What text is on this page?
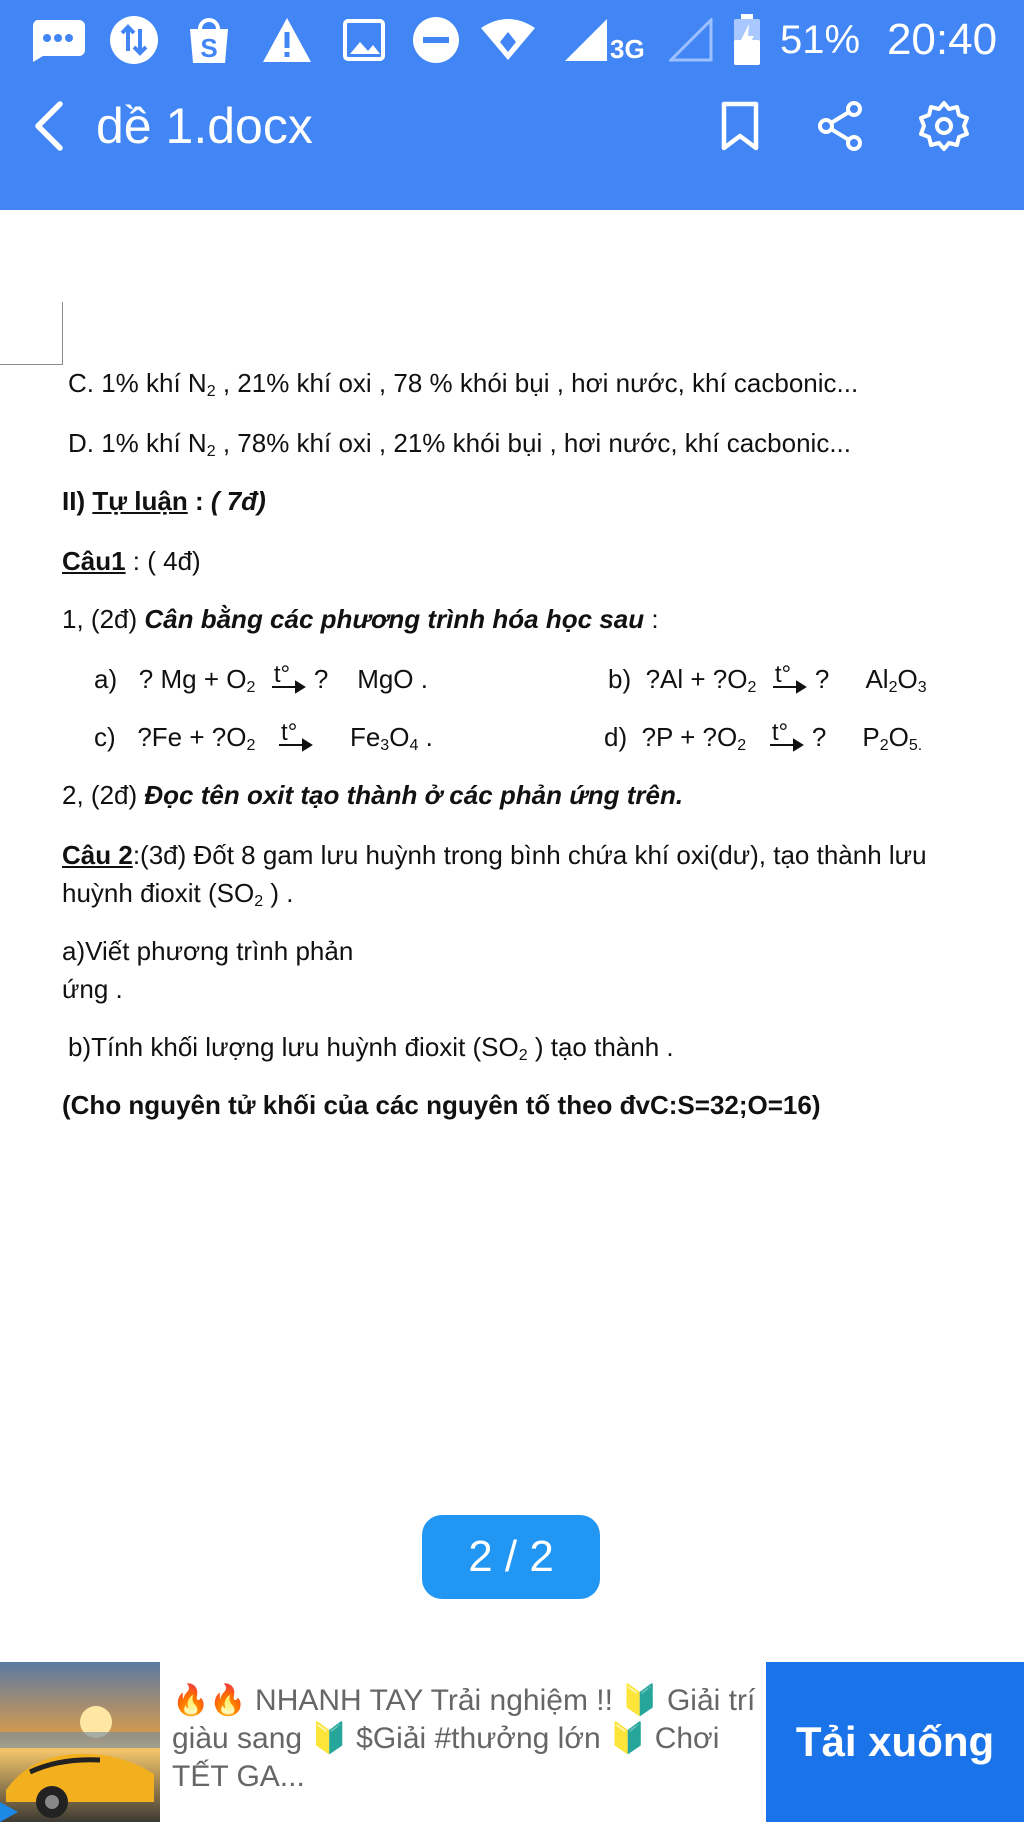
S	3G	51% 20:40
dề 1.docx
C. 1% khí $N_2$ , 21% khí oxi , 78 % khói bụi , hơi nước, khí cacbonic...
D. 1% khí $N_2$ , 78% khí oxi , 21% khói bụi , hơi nước, khí cacbonic...
II) Tự luận : ( 7đ)
Câu1 : ( 4đ)
1, (2đ) Cân bằng các phương trình hóa học sau :
a) ? $Mg + O_2$ t° ? MgO .	b) ?Al + $?O_2$ t° ? $Al_2O_3$
c) ?Fe + $?O_2$ t° $Fe_3O_4$ .	d) ?P + $?O_2$ t° ? $P_2O_{5.}$
2, (2đ) Đọc tên oxit tạo thành ở các phản ứng trên.
Câu 2:(3đ) Đốt 8 gam lưu huỳnh trong bình chứa khí oxi(dư), tạo thành lưu
huỳnh đioxit ($SO_2$ ) .
a)Viết phương trình phản
ứng .
b)Tính khối lượng lưu huỳnh đioxit ($SO_2$ ) tạo thành .
(Cho nguyên tử khối của các nguyên tố theo đvC:S=32;O=16)
2 / 2
🔥🔥 NHANH TAY Trải nghiệm !! 🔰 Giải trí giàu sang 🔰 $Giải #thưởng lớn 🔰 Chơi TẾT GA...
Tải xuống
